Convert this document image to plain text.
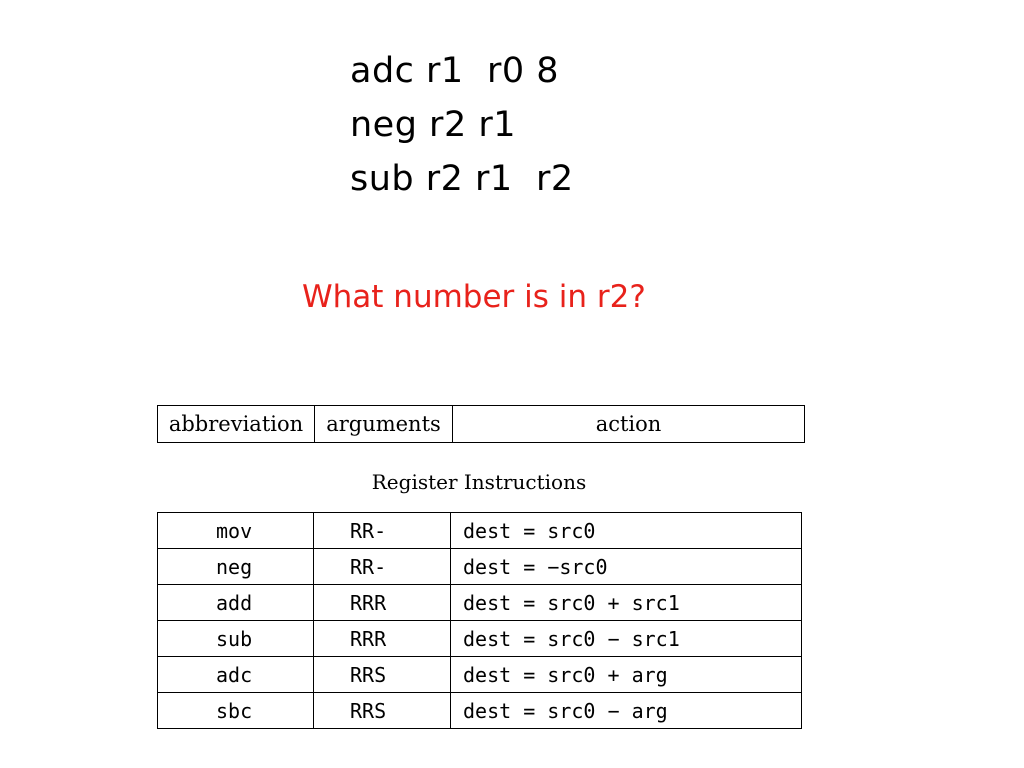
adc r1  r0 8
neg r2 r1
sub r2 r1  r2
What number is in r2?
abbreviation	arguments	action
Register Instructions
mov	RR-	dest = src0
neg	RR-	dest = −src0
add	RRR	dest = src0 + src1
sub	RRR	dest = src0 − src1
adc	RRS	dest = src0 + arg
sbc	RRS	dest = src0 − arg
